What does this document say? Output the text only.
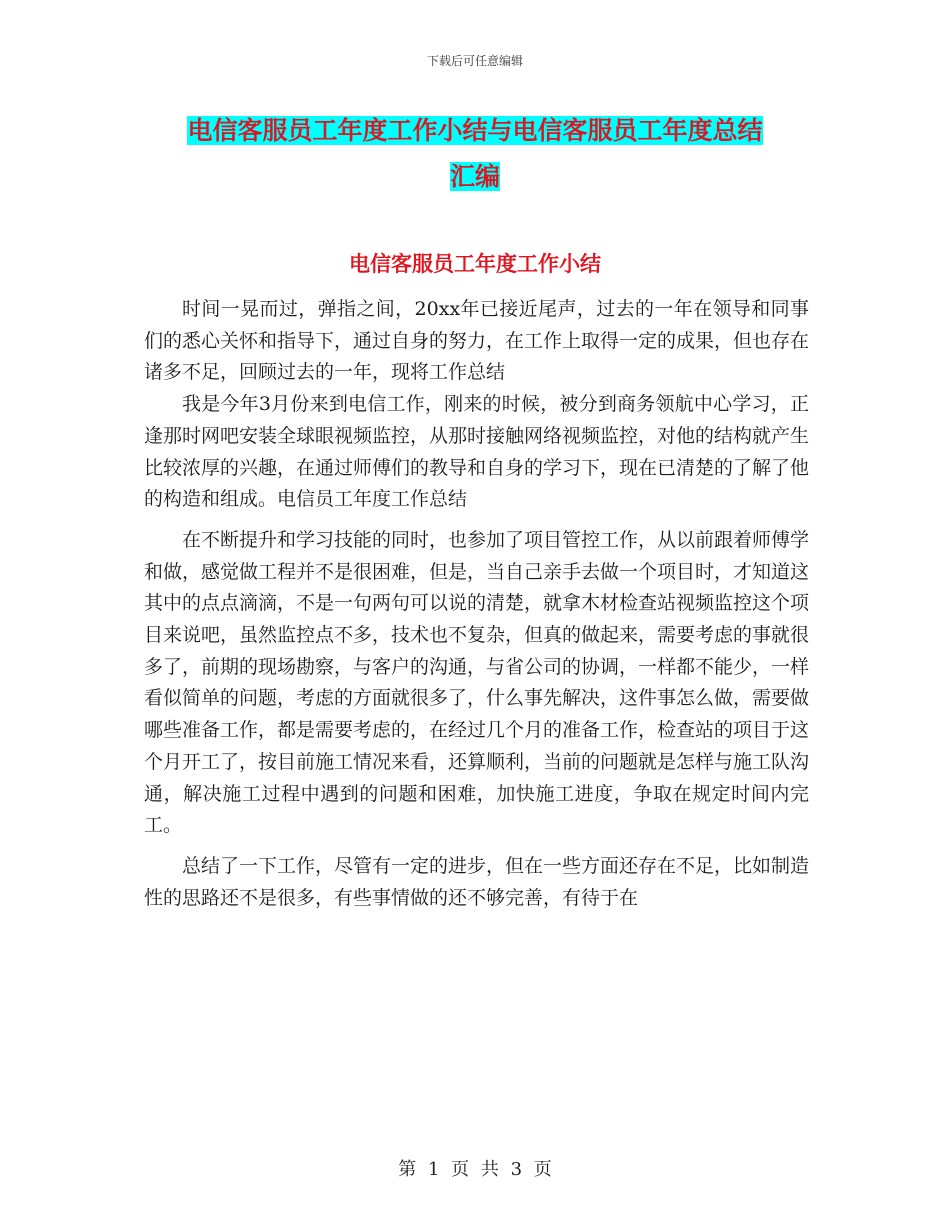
下载后可任意编辑
电信客服员工年度工作小结与电信客服员工年度总结
汇编
电信客服员工年度工作小结

时间一晃而过，弹指之间，20xx年已接近尾声，过去的一年在领导和同事们的悉心关怀和指导下，通过自身的努力，在工作上取得一定的成果，但也存在诸多不足，回顾过去的一年，现将工作总结

我是今年3月份来到电信工作，刚来的时候，被分到商务领航中心学习，正逢那时网吧安装全球眼视频监控，从那时接触网络视频监控，对他的结构就产生比较浓厚的兴趣，在通过师傅们的教导和自身的学习下，现在已清楚的了解了他的构造和组成。电信员工年度工作总结

在不断提升和学习技能的同时，也参加了项目管控工作，从以前跟着师傅学和做，感觉做工程并不是很困难，但是，当自己亲手去做一个项目时，才知道这其中的点点滴滴，不是一句两句可以说的清楚，就拿木材检查站视频监控这个项目来说吧，虽然监控点不多，技术也不复杂，但真的做起来，需要考虑的事就很多了，前期的现场勘察，与客户的沟通，与省公司的协调，一样都不能少，一样看似简单的问题，考虑的方面就很多了，什么事先解决，这件事怎么做，需要做哪些准备工作，都是需要考虑的，在经过几个月的准备工作，检查站的项目于这个月开工了，按目前施工情况来看，还算顺利，当前的问题就是怎样与施工队沟通，解决施工过程中遇到的问题和困难，加快施工进度，争取在规定时间内完工。

总结了一下工作，尽管有一定的进步，但在一些方面还存在不足，比如制造性的思路还不是很多，有些事情做的还不够完善，有待于在

第 1 页 共 3 页
